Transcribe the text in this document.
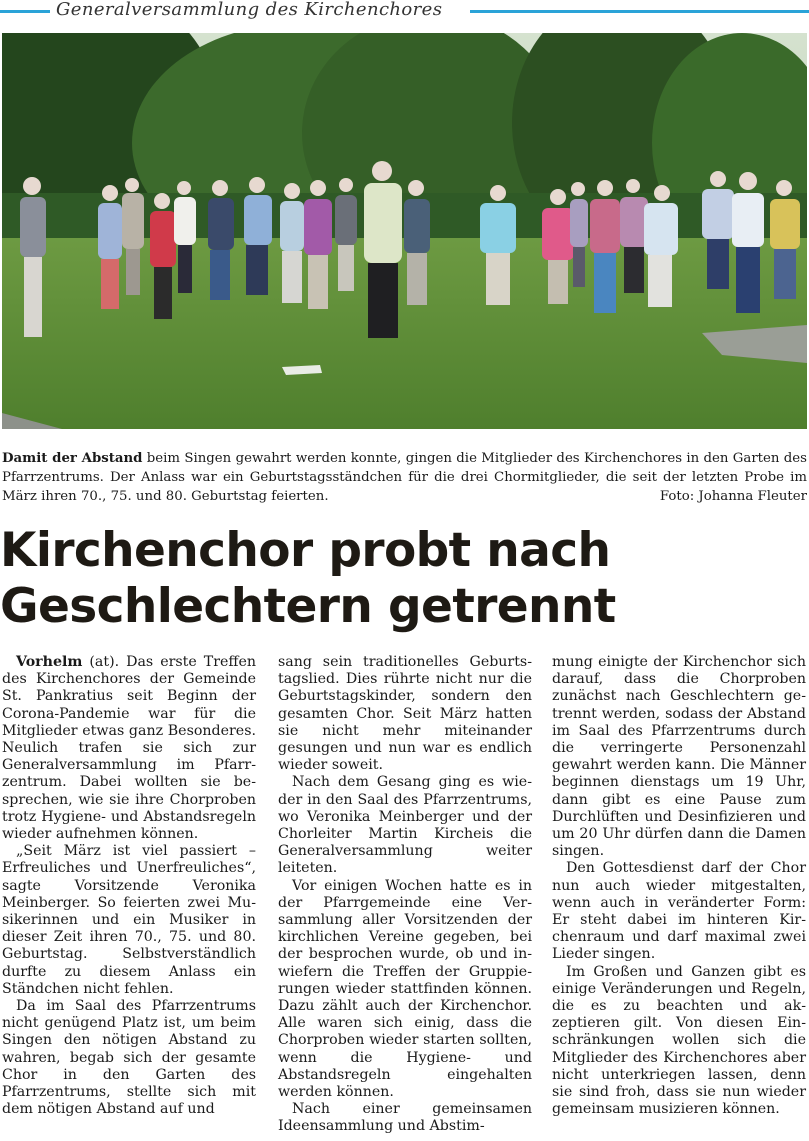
Generalversammlung des Kirchenchores
Damit der Abstand beim Singen gewahrt werden konnte, gingen die Mitglieder des Kirchenchores in den Garten des Pfarrzentrums. Der Anlass war ein Geburtstagsständchen für die drei Chormitglieder, die seit der letzten Probe im März ihren 70., 75. und 80. Geburtstag feierten.	Foto: Johanna Fleuter
Kirchenchor probt nach
Geschlechtern getrennt

Vorhelm (at). Das erste Treffen des Kirchenchores der Gemeinde St. Pankratius seit Beginn der Corona-Pandemie war für die Mitglieder etwas ganz Besonderes. Neulich trafen sie sich zur Generalversammlung im Pfarrzentrum. Dabei wollten sie besprechen, wie sie ihre Chorproben trotz Hygiene- und Abstandsregeln wieder aufnehmen können.

„Seit März ist viel passiert – Erfreuliches und Unerfreuliches“, sagte Vorsitzende Veronika Meinberger. So feierten zwei Musikerinnen und ein Musiker in dieser Zeit ihren 70., 75. und 80. Geburtstag. Selbstverständlich durfte zu diesem Anlass ein Ständchen nicht fehlen.

Da im Saal des Pfarrzentrums nicht genügend Platz ist, um beim Singen den nötigen Abstand zu wahren, begab sich der gesamte Chor in den Garten des Pfarrzentrums, stellte sich mit dem nötigen Abstand auf und

sang sein traditionelles Geburtstagslied. Dies rührte nicht nur die Geburtstagskinder, sondern den gesamten Chor. Seit März hatten sie nicht mehr miteinander gesungen und nun war es endlich wieder soweit.

Nach dem Gesang ging es wieder in den Saal des Pfarrzentrums, wo Veronika Meinberger und der Chorleiter Martin Kircheis die Generalversammlung weiter leiteten.

Vor einigen Wochen hatte es in der Pfarrgemeinde eine Versammlung aller Vorsitzenden der kirchlichen Vereine gegeben, bei der besprochen wurde, ob und inwiefern die Treffen der Gruppierungen wieder stattfinden können. Dazu zählt auch der Kirchenchor. Alle waren sich einig, dass die Chorproben wieder starten sollten, wenn die Hygiene- und Abstandsregeln eingehalten werden können.

Nach einer gemeinsamen Ideensammlung und Abstim-

mung einigte der Kirchenchor sich darauf, dass die Chorproben zunächst nach Geschlechtern getrennt werden, sodass der Abstand im Saal des Pfarrzentrums durch die verringerte Personenzahl gewahrt werden kann. Die Männer beginnen dienstags um 19 Uhr, dann gibt es eine Pause zum Durchlüften und Desinfizieren und um 20 Uhr dürfen dann die Damen singen.

Den Gottesdienst darf der Chor nun auch wieder mitgestalten, wenn auch in veränderter Form: Er steht dabei im hinteren Kirchenraum und darf maximal zwei Lieder singen.

Im Großen und Ganzen gibt es einige Veränderungen und Regeln, die es zu beachten und akzeptieren gilt. Von diesen Einschränkungen wollen sich die Mitglieder des Kirchenchores aber nicht unterkriegen lassen, denn sie sind froh, dass sie nun wieder gemeinsam musizieren können.
